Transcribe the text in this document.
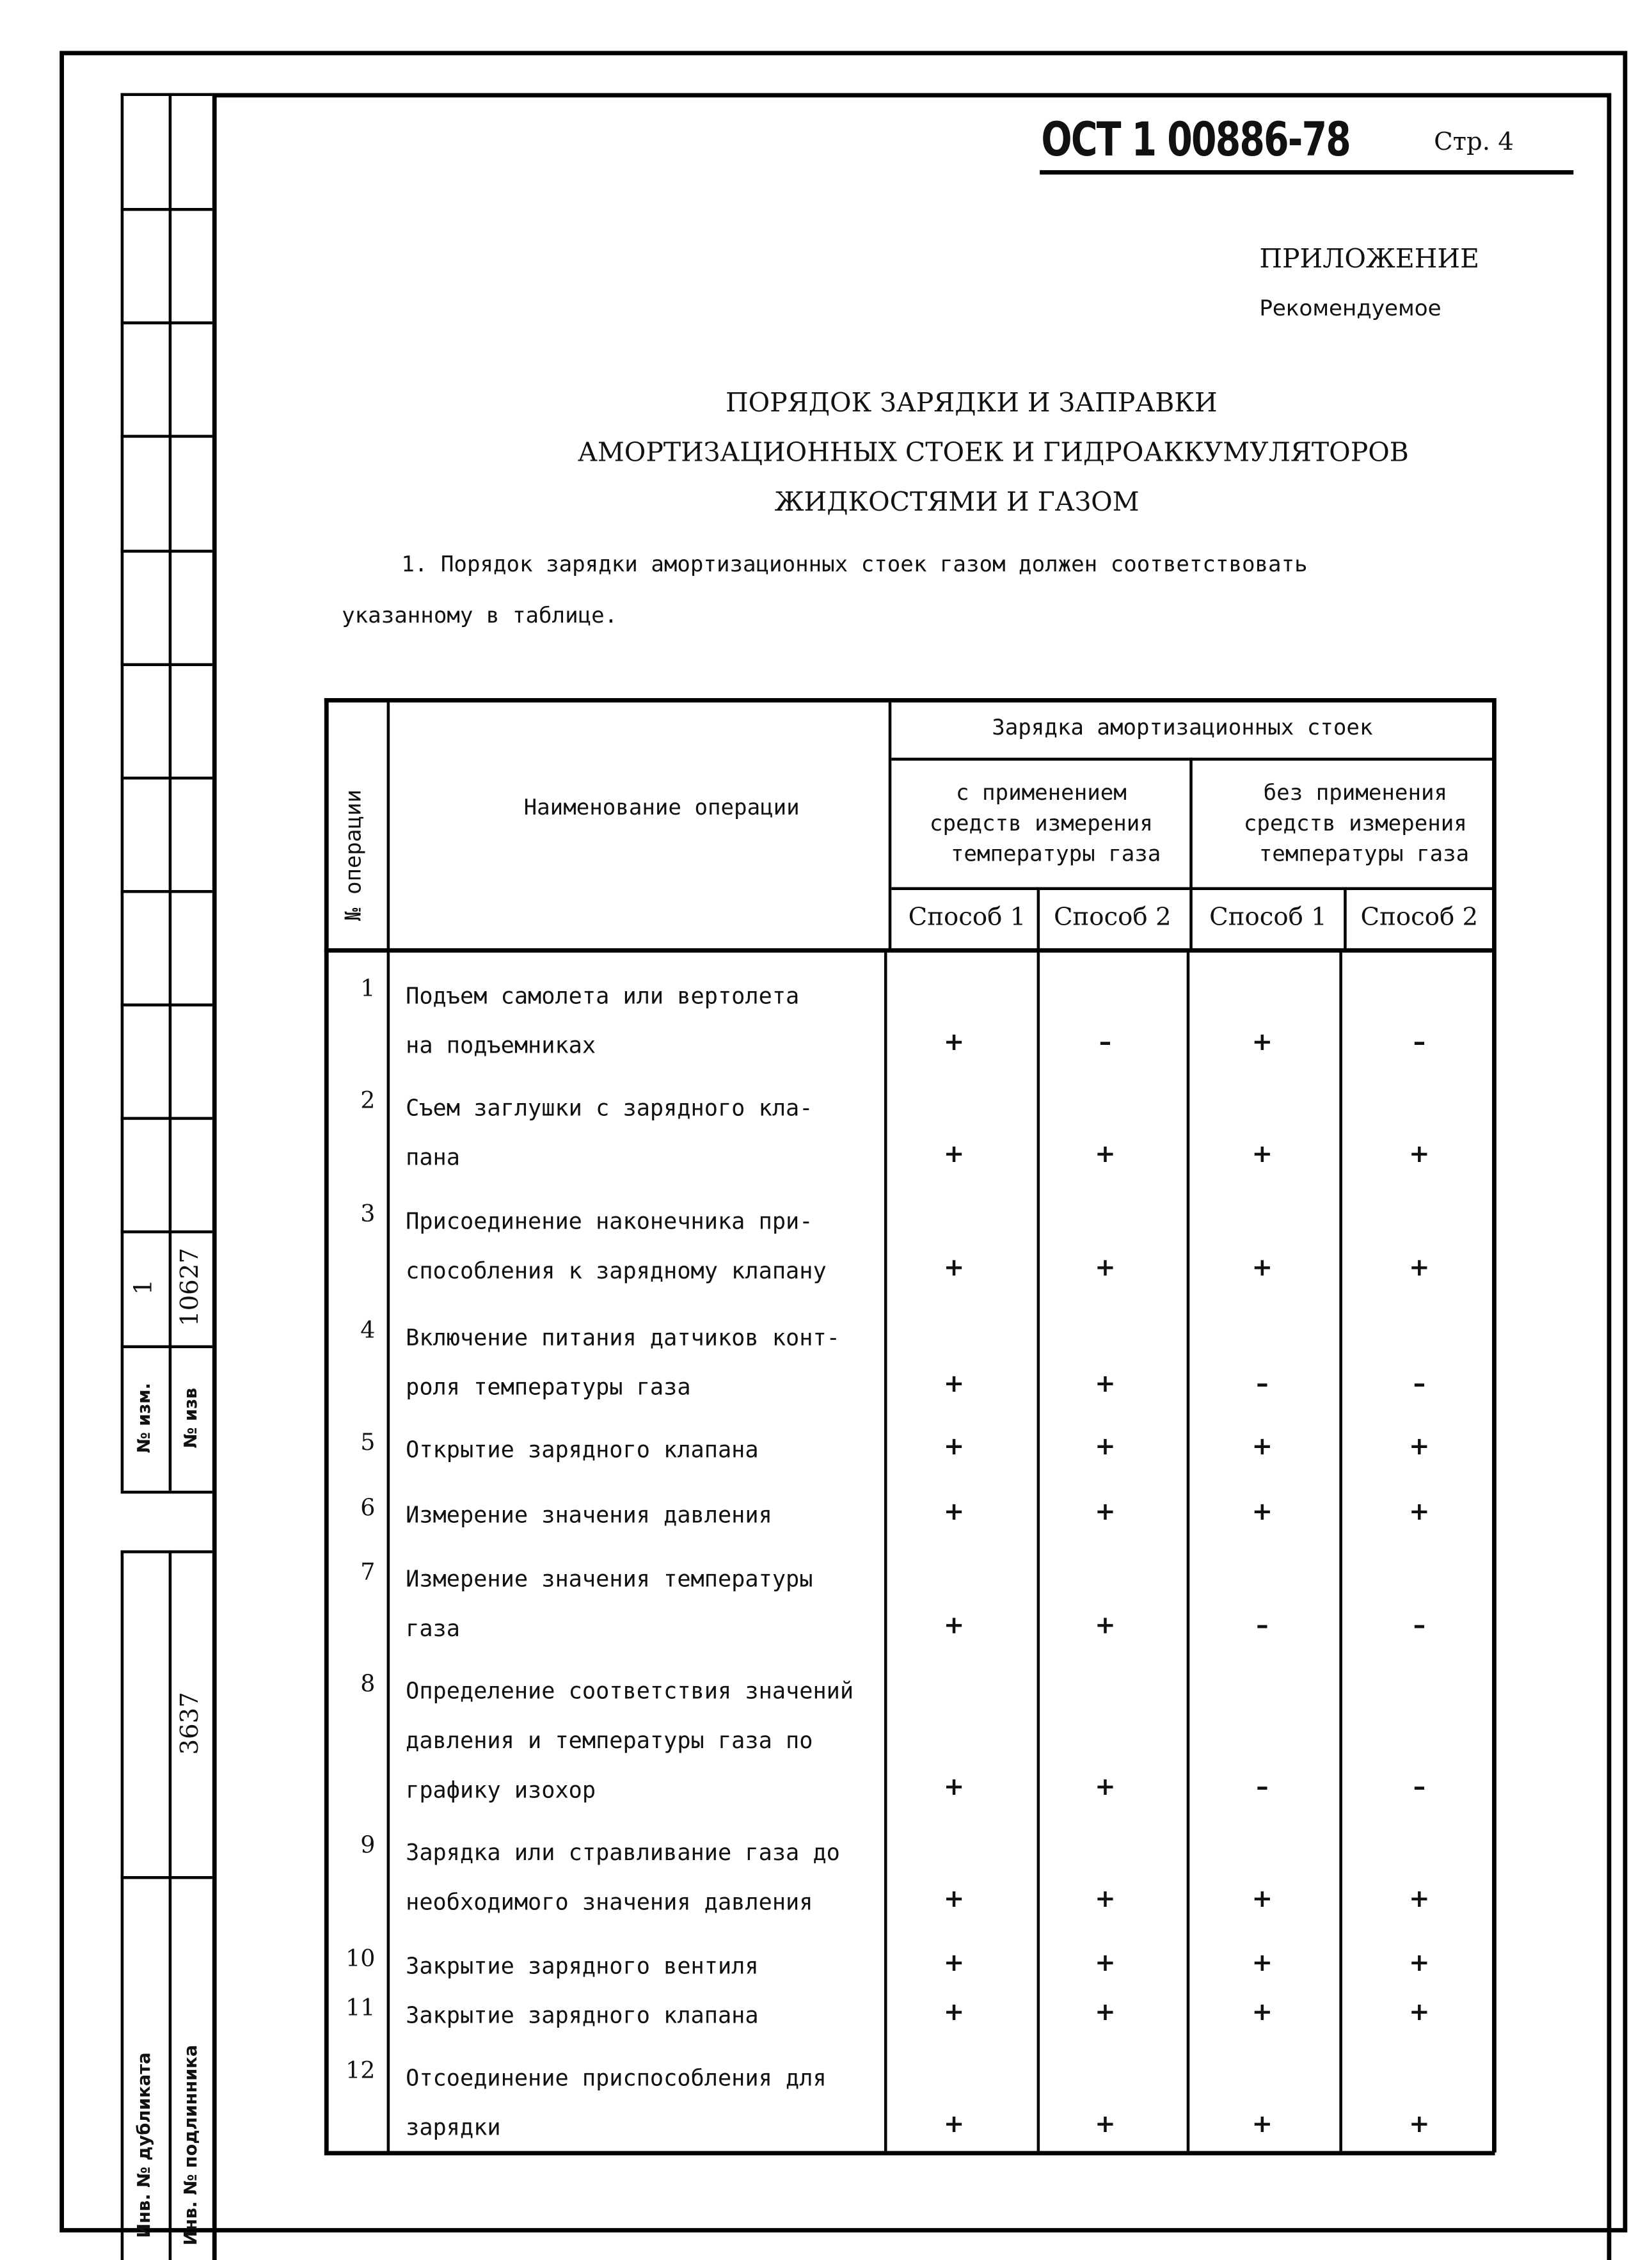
1 10627
№ изм.	№ изв
3637
Инв. № дубликата	Инв. № подлинника
ОСТ 1 00886-78	Стр. 4
ПРИЛОЖЕНИЕ
Рекомендуемое
ПОРЯДОК ЗАРЯДКИ И ЗАПРАВКИ
АМОРТИЗАЦИОННЫХ СТОЕК И ГИДРОАККУМУЛЯТОРОВ
ЖИДКОСТЯМИ И ГАЗОМ
1. Порядок зарядки амортизационных стоек газом должен соответствовать
указанному в таблице.
№ операции	Наименование операции
Зарядка амортизационных стоек
с применением
средств измерения
температуры газа
без применения
средств измерения
температуры газа
Способ 1	Способ 2	Способ 1	Способ 2
1	Подъем самолета или вертолета
на подъемниках	+	–	+	–
2	Съем заглушки с зарядного кла-
пана	+	+	+	+
3	Присоединение наконечника при-
способления к зарядному клапану	+	+	+	+
4	Включение питания датчиков конт-
роля температуры газа	+	+	–	–
5	Открытие зарядного клапана	+	+	+	+
6	Измерение значения давления	+	+	+	+
7	Измерение значения температуры
газа	+	+	–	–
8	Определение соответствия значений
давления и температуры газа по
графику изохор	+	+	–	–
9	Зарядка или стравливание газа до
необходимого значения давления	+	+	+	+
10	Закрытие зарядного вентиля	+	+	+	+
11	Закрытие зарядного клапана	+	+	+	+
12	Отсоединение приспособления для
зарядки	+	+	+	+
